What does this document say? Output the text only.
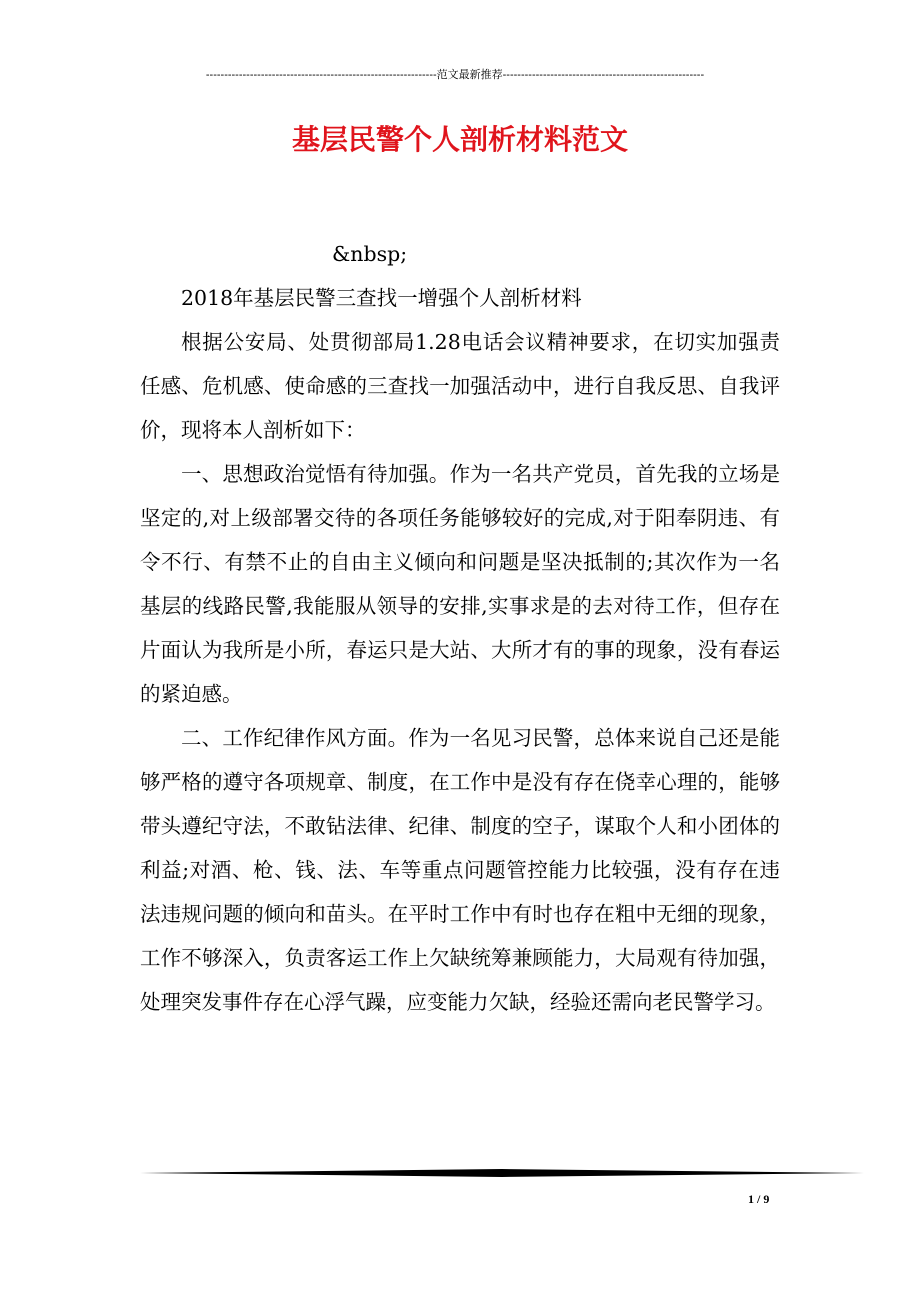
---------------------------------------------------------------范文最新推荐-------------------------------------------------------
基层民警个人剖析材料范文

&nbsp;

2018年基层民警三查找一增强个人剖析材料

根据公安局、处贯彻部局1.28电话会议精神要求，在切实加强责任感、危机感、使命感的三查找一加强活动中，进行自我反思、自我评价，现将本人剖析如下：

一、思想政治觉悟有待加强。作为一名共产党员，首先我的立场是坚定的,对上级部署交待的各项任务能够较好的完成,对于阳奉阴违、有令不行、有禁不止的自由主义倾向和问题是坚决抵制的;其次作为一名基层的线路民警,我能服从领导的安排,实事求是的去对待工作，但存在片面认为我所是小所，春运只是大站、大所才有的事的现象，没有春运的紧迫感。

二、工作纪律作风方面。作为一名见习民警，总体来说自己还是能够严格的遵守各项规章、制度，在工作中是没有存在侥幸心理的，能够带头遵纪守法，不敢钻法律、纪律、制度的空子，谋取个人和小团体的利益;对酒、枪、钱、法、车等重点问题管控能力比较强，没有存在违法违规问题的倾向和苗头。在平时工作中有时也存在粗中无细的现象，工作不够深入，负责客运工作上欠缺统筹兼顾能力，大局观有待加强，处理突发事件存在心浮气躁，应变能力欠缺，经验还需向老民警学习。

1 / 9
